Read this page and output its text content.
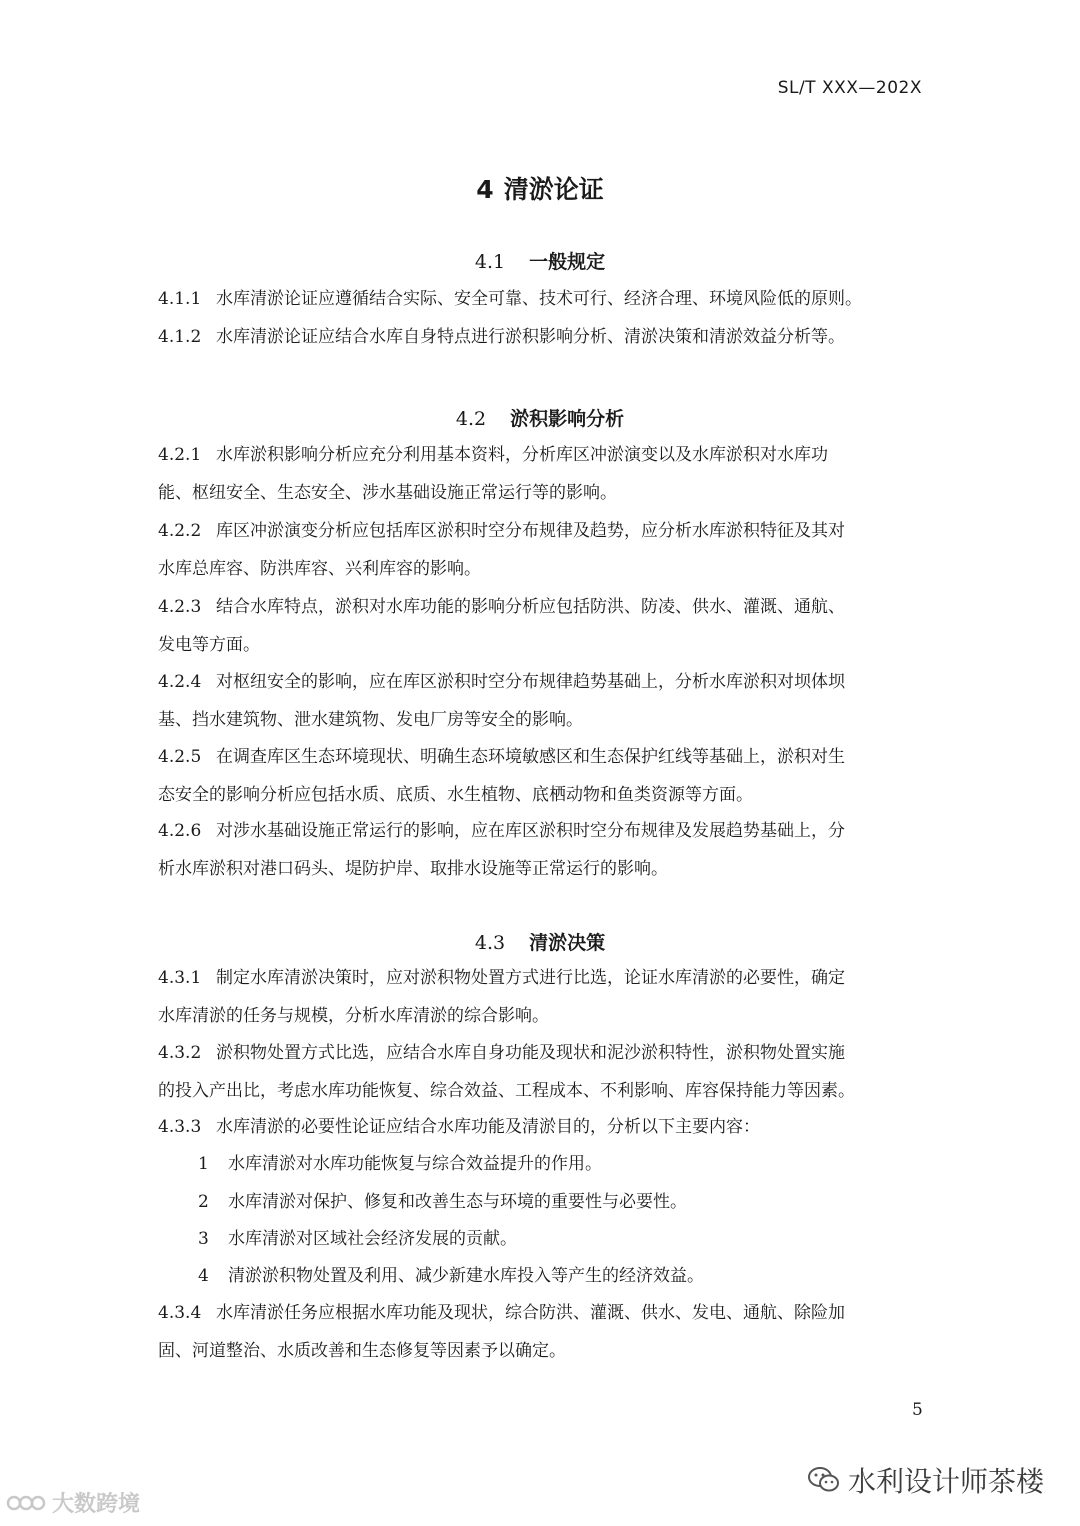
SL/T XXX—202X
4 清淤论证
4.1 一般规定

4.1.1 水库清淤论证应遵循结合实际、安全可靠、技术可行、经济合理、环境风险低的原则。

4.1.2 水库清淤论证应结合水库自身特点进行淤积影响分析、清淤决策和清淤效益分析等。

4.2 淤积影响分析

4.2.1 水库淤积影响分析应充分利用基本资料，分析库区冲淤演变以及水库淤积对水库功
能、枢纽安全、生态安全、涉水基础设施正常运行等的影响。

4.2.2 库区冲淤演变分析应包括库区淤积时空分布规律及趋势，应分析水库淤积特征及其对
水库总库容、防洪库容、兴利库容的影响。

4.2.3 结合水库特点，淤积对水库功能的影响分析应包括防洪、防凌、供水、灌溉、通航、
发电等方面。

4.2.4 对枢纽安全的影响，应在库区淤积时空分布规律趋势基础上，分析水库淤积对坝体坝
基、挡水建筑物、泄水建筑物、发电厂房等安全的影响。

4.2.5 在调查库区生态环境现状、明确生态环境敏感区和生态保护红线等基础上，淤积对生
态安全的影响分析应包括水质、底质、水生植物、底栖动物和鱼类资源等方面。

4.2.6 对涉水基础设施正常运行的影响，应在库区淤积时空分布规律及发展趋势基础上，分
析水库淤积对港口码头、堤防护岸、取排水设施等正常运行的影响。

4.3 清淤决策

4.3.1 制定水库清淤决策时，应对淤积物处置方式进行比选，论证水库清淤的必要性，确定
水库清淤的任务与规模，分析水库清淤的综合影响。

4.3.2 淤积物处置方式比选，应结合水库自身功能及现状和泥沙淤积特性，淤积物处置实施
的投入产出比，考虑水库功能恢复、综合效益、工程成本、不利影响、库容保持能力等因素。

4.3.3 水库清淤的必要性论证应结合水库功能及清淤目的，分析以下主要内容：

1 水库清淤对水库功能恢复与综合效益提升的作用。

2 水库清淤对保护、修复和改善生态与环境的重要性与必要性。

3 水库清淤对区域社会经济发展的贡献。

4 清淤淤积物处置及利用、减少新建水库投入等产生的经济效益。

4.3.4 水库清淤任务应根据水库功能及现状，综合防洪、灌溉、供水、发电、通航、除险加
固、河道整治、水质改善和生态修复等因素予以确定。

5
大数跨境
水利设计师茶楼
